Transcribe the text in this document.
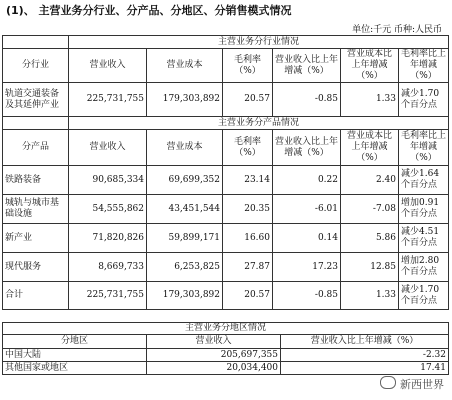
(1)、 主营业务分行业、分产品、分地区、分销售模式情况
单位:千元 币种:人民币
	主营业务分行业情况					
分行业	营业收入	营业成本	毛利率（%）	营业收入比上年增减（%）	营业成本比上年增减（%）	毛利率比上年增减（%）
轨道交通装备及其延伸产业	225,731,755	179,303,892	20.57	-0.85	1.33	减少1.70个百分点
	主营业务分产品情况					
分产品	营业收入	营业成本	毛利率（%）	营业收入比上年增减（%）	营业成本比上年增减（%）	毛利率比上年增减（%）
铁路装备	90,685,334	69,699,352	23.14	0.22	2.40	减少1.64个百分点
城轨与城市基础设施	54,555,862	43,451,544	20.35	-6.01	-7.08	增加0.91个百分点
新产业	71,820,826	59,899,171	16.60	0.14	5.86	减少4.51个百分点
现代服务	8,669,733	6,253,825	27.87	17.23	12.85	增加2.80个百分点
合计	225,731,755	179,303,892	20.57	-0.85	1.33	减少1.70个百分点
主营业务分地区情况		
分地区	营业收入	营业收入比上年增减（%）
中国大陆	205,697,355	-2.32
其他国家或地区	20,034,400	17.41
新西世界
